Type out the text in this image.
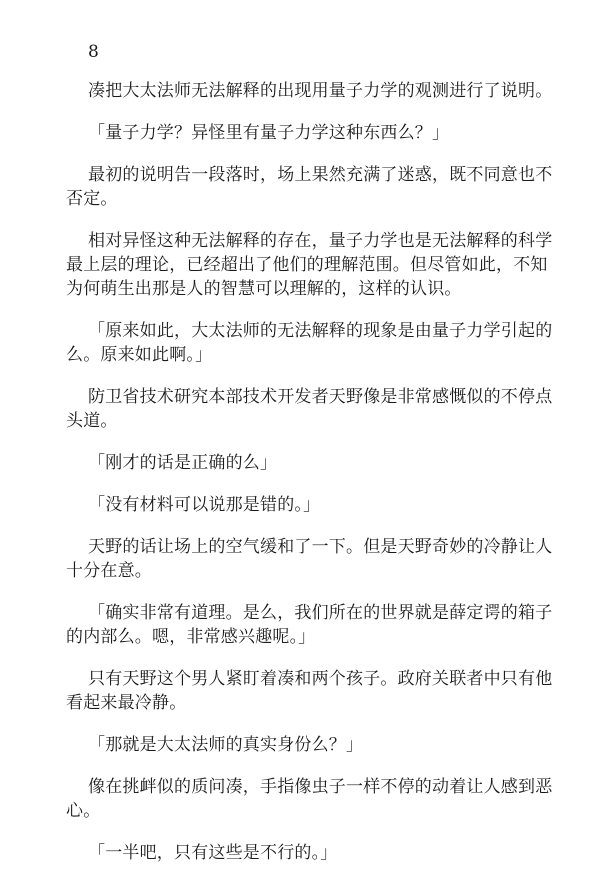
8

凑把大太法师无法解释的出现用量子力学的观测进行了说明。

「量子力学？异怪里有量子力学这种东西么？」

最初的说明告一段落时，场上果然充满了迷惑，既不同意也不否定。

相对异怪这种无法解释的存在，量子力学也是无法解释的科学最上层的理论，已经超出了他们的理解范围。但尽管如此，不知为何萌生出那是人的智慧可以理解的，这样的认识。

「原来如此，大太法师的无法解释的现象是由量子力学引起的么。原来如此啊。」

防卫省技术研究本部技术开发者天野像是非常感慨似的不停点头道。

「刚才的话是正确的么」

「没有材料可以说那是错的。」

天野的话让场上的空气缓和了一下。但是天野奇妙的冷静让人十分在意。

「确实非常有道理。是么，我们所在的世界就是薛定谔的箱子的内部么。嗯，非常感兴趣呢。」

只有天野这个男人紧盯着凑和两个孩子。政府关联者中只有他看起来最冷静。

「那就是大太法师的真实身份么？」

像在挑衅似的质问凑，手指像虫子一样不停的动着让人感到恶心。

「一半吧，只有这些是不行的。」
